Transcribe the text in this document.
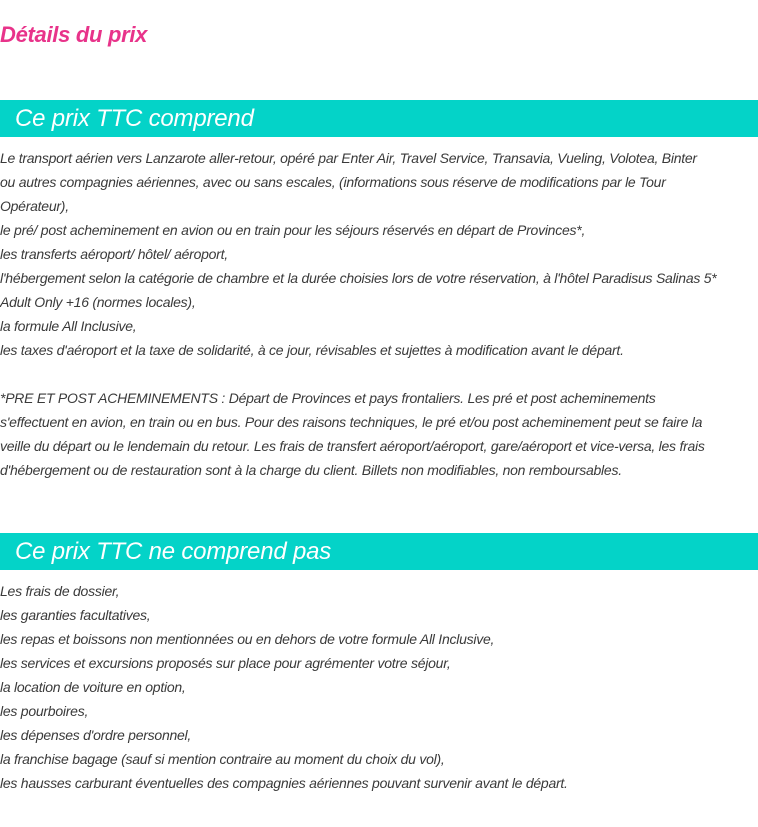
Détails du prix
Ce prix TTC comprend
Le transport aérien vers Lanzarote aller-retour, opéré par Enter Air, Travel Service, Transavia, Vueling, Volotea, Binter
ou autres compagnies aériennes, avec ou sans escales, (informations sous réserve de modifications par le Tour
Opérateur),
le pré/ post acheminement en avion ou en train pour les séjours réservés en départ de Provinces*,
les transferts aéroport/ hôtel/ aéroport,
l'hébergement selon la catégorie de chambre et la durée choisies lors de votre réservation, à l'hôtel Paradisus Salinas 5*
Adult Only +16 (normes locales),
la formule All Inclusive,
les taxes d'aéroport et la taxe de solidarité, à ce jour, révisables et sujettes à modification avant le départ.
*PRE ET POST ACHEMINEMENTS : Départ de Provinces et pays frontaliers. Les pré et post acheminements
s'effectuent en avion, en train ou en bus. Pour des raisons techniques, le pré et/ou post acheminement peut se faire la
veille du départ ou le lendemain du retour. Les frais de transfert aéroport/aéroport, gare/aéroport et vice-versa, les frais
d'hébergement ou de restauration sont à la charge du client. Billets non modifiables, non remboursables.
Ce prix TTC ne comprend pas
Les frais de dossier,
les garanties facultatives,
les repas et boissons non mentionnées ou en dehors de votre formule All Inclusive,
les services et excursions proposés sur place pour agrémenter votre séjour,
la location de voiture en option,
les pourboires,
les dépenses d'ordre personnel,
la franchise bagage (sauf si mention contraire au moment du choix du vol),
les hausses carburant éventuelles des compagnies aériennes pouvant survenir avant le départ.
